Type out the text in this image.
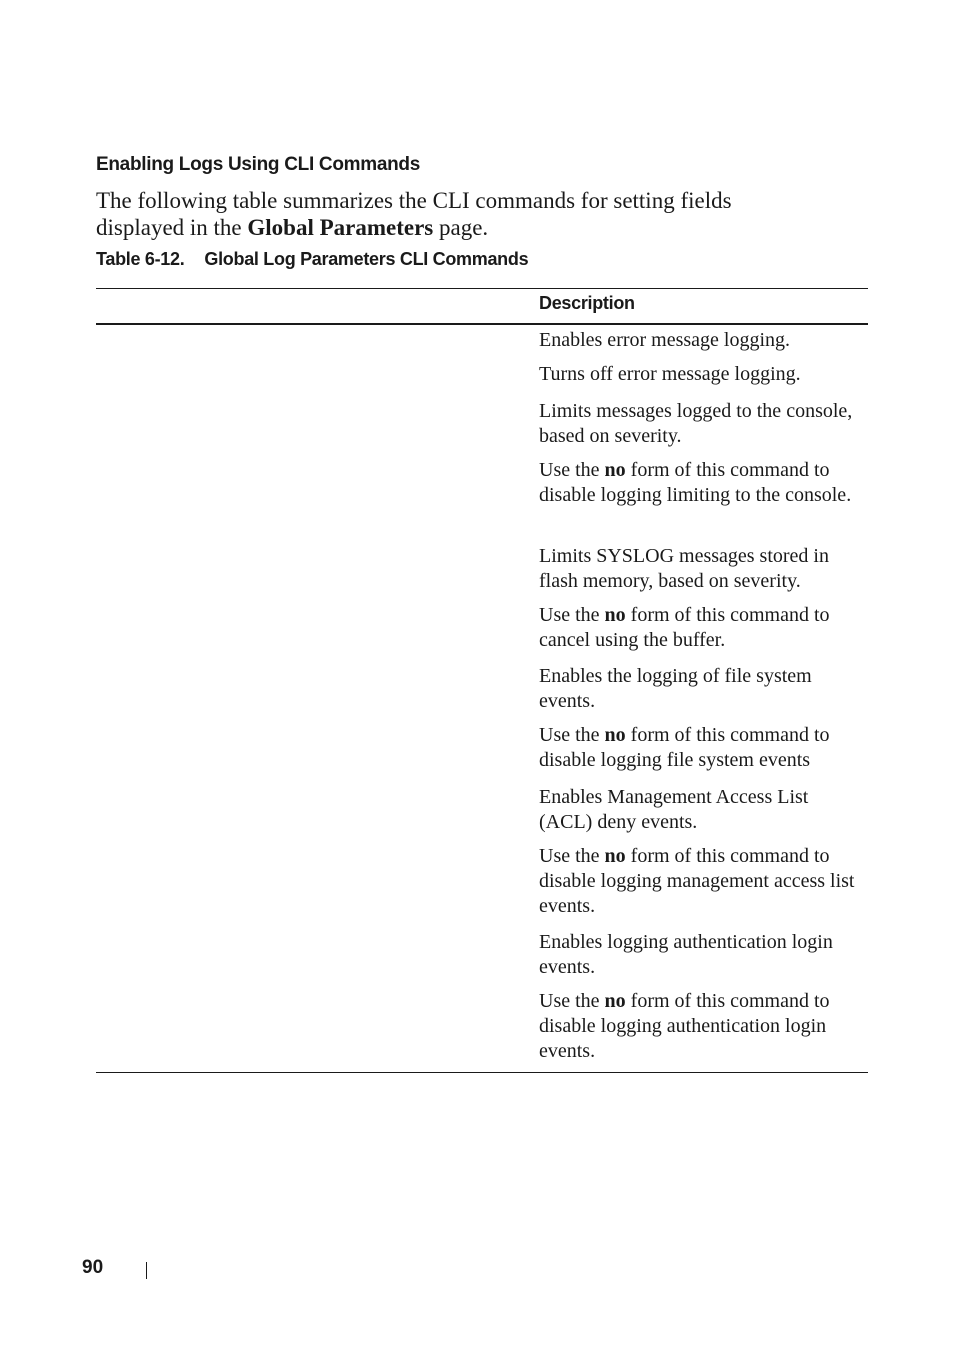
Enabling Logs Using CLI Commands
The following table summarizes the CLI commands for setting fields displayed in the Global Parameters page.
Table 6-12. Global Log Parameters CLI Commands
Description

Enables error message logging.

Turns off error message logging.

Limits messages logged to the console, based on severity.

Use the no form of this command to disable logging limiting to the console.

Limits SYSLOG messages stored in flash memory, based on severity.

Use the no form of this command to cancel using the buffer.

Enables the logging of file system events.

Use the no form of this command to disable logging file system events

Enables Management Access List (ACL) deny events.

Use the no form of this command to disable logging management access list events.

Enables logging authentication login events.

Use the no form of this command to disable logging authentication login events.

90
